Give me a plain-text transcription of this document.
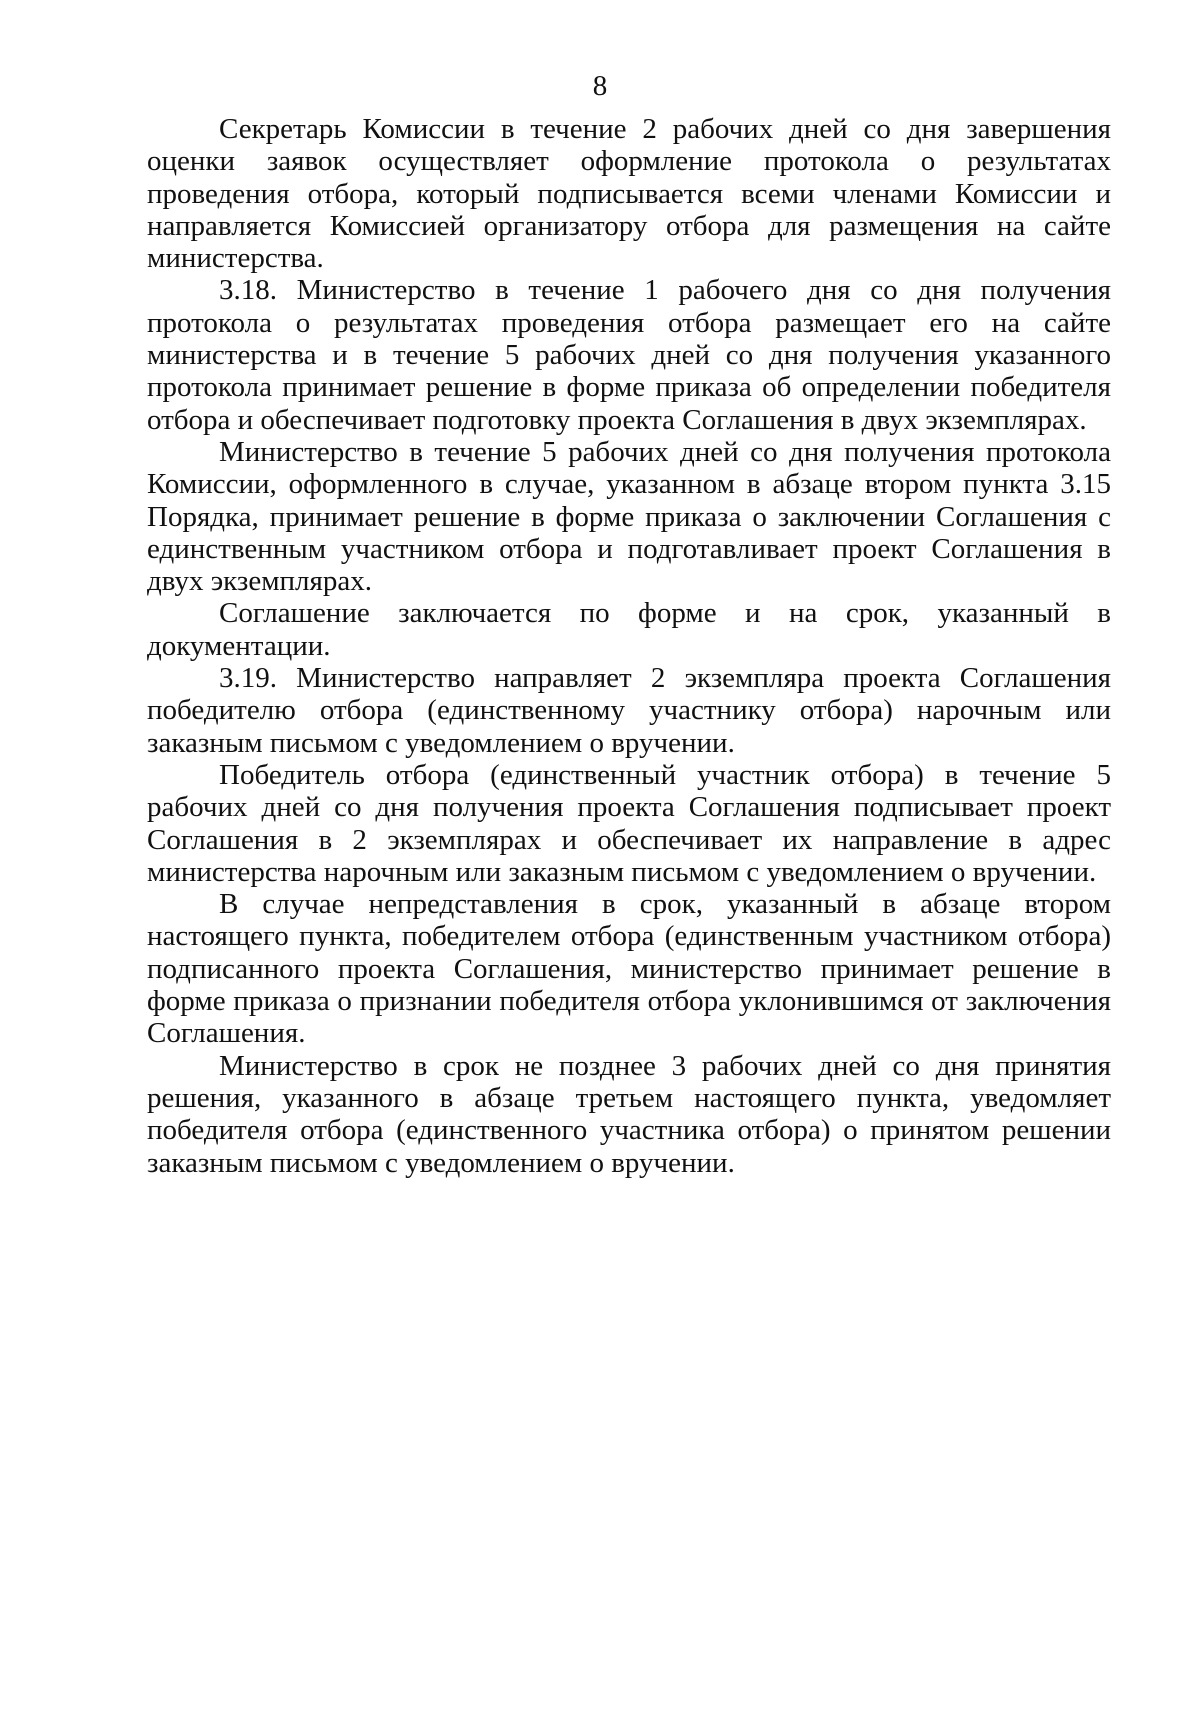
8

Секретарь Комиссии в течение 2 рабочих дней со дня завершения оценки заявок осуществляет оформление протокола о результатах проведения отбора, который подписывается всеми членами Комиссии и направляется Комиссией организатору отбора для размещения на сайте министерства.

3.18. Министерство в течение 1 рабочего дня со дня получения протокола о результатах проведения отбора размещает его на сайте министерства и в течение 5 рабочих дней со дня получения указанного протокола принимает решение в форме приказа об определении победителя отбора и обеспечивает подготовку проекта Соглашения в двух экземплярах.

Министерство в течение 5 рабочих дней со дня получения протокола Комиссии, оформленного в случае, указанном в абзаце втором пункта 3.15 Порядка, принимает решение в форме приказа о заключении Соглашения с единственным участником отбора и подготавливает проект Соглашения в двух экземплярах.

Соглашение заключается по форме и на срок, указанный в документации.

3.19. Министерство направляет 2 экземпляра проекта Соглашения победителю отбора (единственному участнику отбора) нарочным или заказным письмом с уведомлением о вручении.

Победитель отбора (единственный участник отбора) в течение 5 рабочих дней со дня получения проекта Соглашения подписывает проект Соглашения в 2 экземплярах и обеспечивает их направление в адрес министерства нарочным или заказным письмом с уведомлением о вручении.

В случае непредставления в срок, указанный в абзаце втором настоящего пункта, победителем отбора (единственным участником отбора) подписанного проекта Соглашения, министерство принимает решение в форме приказа о признании победителя отбора уклонившимся от заключения Соглашения.

Министерство в срок не позднее 3 рабочих дней со дня принятия решения, указанного в абзаце третьем настоящего пункта, уведомляет победителя отбора (единственного участника отбора) о принятом решении заказным письмом с уведомлением о вручении.
